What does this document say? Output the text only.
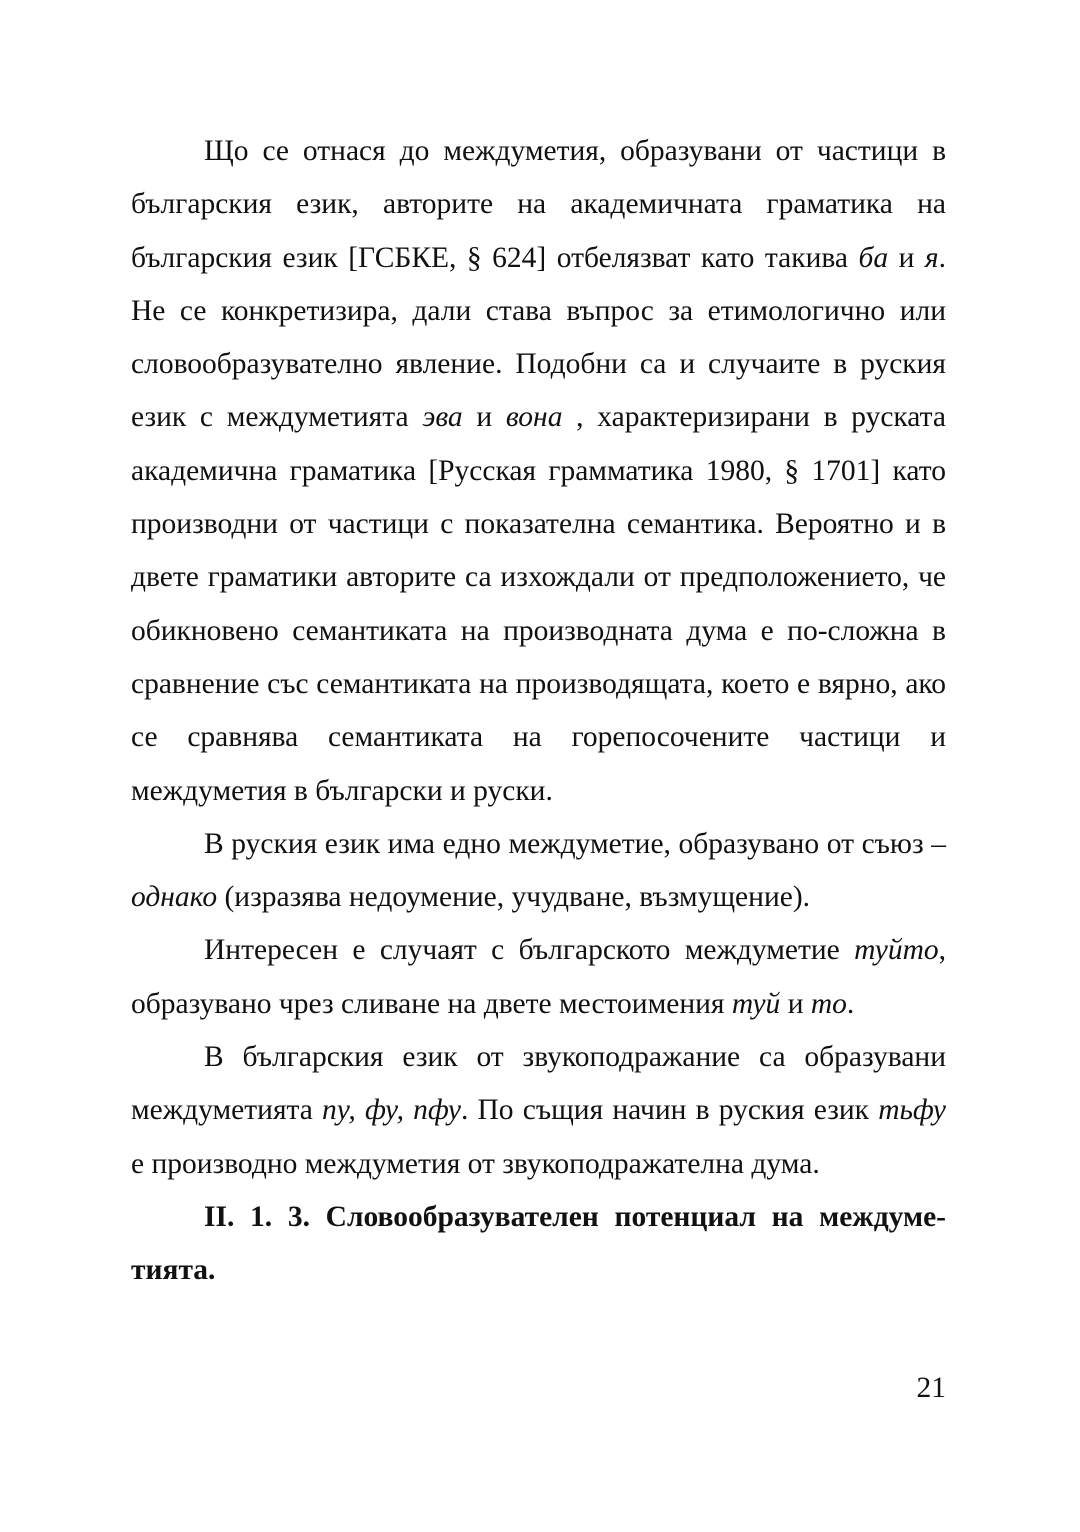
Що се отнася до междуметия, образувани от частици в българския език, авторите на академичната граматика на българския език [ГСБКЕ, § 624] отбелязват като такива ба и я. Не се конкретизира, дали става въпрос за етимологично или словообразувателно явление. Подобни са и случаите в руския език с междуметията эва и вона , характеризирани в руската академична граматика [Русская грамматика 1980, § 1701] като производни от частици с показателна семантика. Вероятно и в двете граматики авторите са изхождали от предположението, че обикновено семантиката на производната дума е по-сложна в сравнение със семантиката на производящата, което е вярно, ако се сравнява семантиката на горепосочените частици и междуметия в български и руски.

В руския език има едно междуметие, образувано от съюз – однако (изразява недоумение, учудване, възмущение).

Интересен е случаят с българското междуметие туйто, образувано чрез сливане на двете местоимения туй и то.

В българския език от звукоподражание са образувани междуметията пу, фу, пфу. По същия начин в руския език тьфу е производно междуметия от звукоподражателна дума.

II. 1. 3. Словообразувателен потенциал на междуметията.

21
